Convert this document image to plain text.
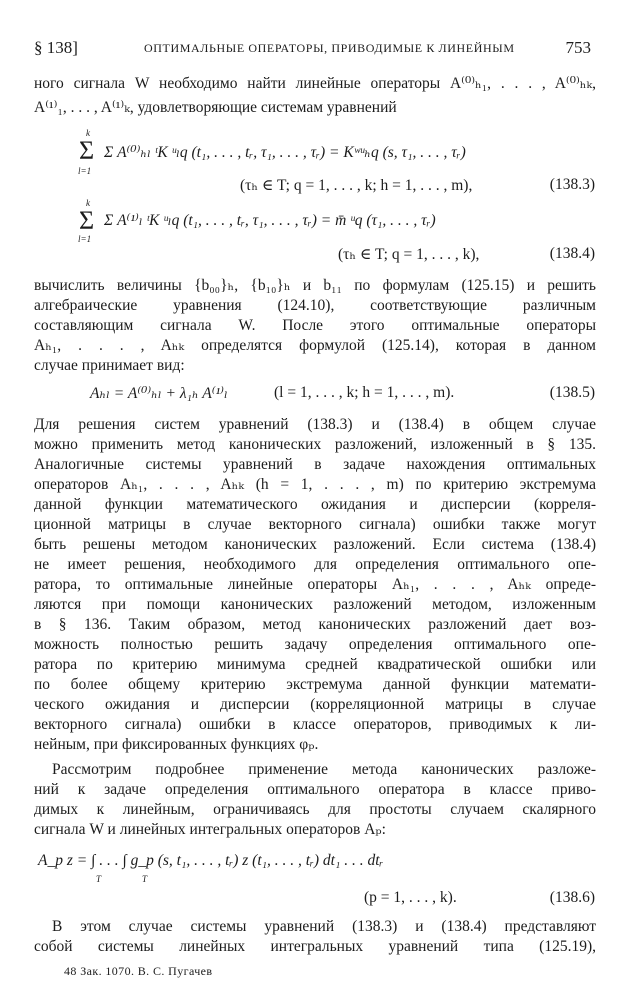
§ 138]	ОПТИМАЛЬНЫЕ ОПЕРАТОРЫ, ПРИВОДИМЫЕ К ЛИНЕЙНЫМ	753
ного сигнала W необходимо найти линейные операторы A⁽⁰⁾ₕ₁, . . . , A⁽⁰⁾ₕₖ,
A⁽¹⁾₁, . . . , A⁽¹⁾ₖ, удовлетворяющие системам уравнений
k
Σ
l=1
Σ A⁽⁰⁾ₕₗ ᵗK ᵘₗq (t₁, . . . , tᵣ, τ₁, . . . , τᵣ) = Kʷᵘₕq (s, τ₁, . . . , τᵣ)
(τₕ ∈ T; q = 1, . . . , k; h = 1, . . . , m),	(138.3)
k
Σ
l=1
Σ A⁽¹⁾ₗ ᵗK ᵘₗq (t₁, . . . , tᵣ, τ₁, . . . , τᵣ) = m̄ ᵘq (τ₁, . . . , τᵣ)
(τₕ ∈ T; q = 1, . . . , k),	(138.4)
вычислить величины {b₀₀}ₕ, {b₁₀}ₕ и b₁₁ по формулам (125.15) и решить
алгебраические уравнения (124.10), соответствующие различным
составляющим сигнала W. После этого оптимальные операторы
Aₕ₁, . . . , Aₕₖ определятся формулой (125.14), которая в данном
случае принимает вид:
Aₕₗ = A⁽⁰⁾ₕₗ + λ₁ₕ A⁽¹⁾ₗ	(l = 1, . . . , k; h = 1, . . . , m).	(138.5)
Для решения систем уравнений (138.3) и (138.4) в общем случае
можно применить метод канонических разложений, изложенный в § 135.
Аналогичные системы уравнений в задаче нахождения оптимальных
операторов Aₕ₁, . . . , Aₕₖ (h = 1, . . . , m) по критерию экстремума
данной функции математического ожидания и дисперсии (корреля-
ционной матрицы в случае векторного сигнала) ошибки также могут
быть решены методом канонических разложений. Если система (138.4)
не имеет решения, необходимого для определения оптимального опе-
ратора, то оптимальные линейные операторы Aₕ₁, . . . , Aₕₖ опреде-
ляются при помощи канонических разложений методом, изложенным
в § 136. Таким образом, метод канонических разложений дает воз-
можность полностью решить задачу определения оптимального опе-
ратора по критерию минимума средней квадратической ошибки или
по более общему критерию экстремума данной функции математи-
ческого ожидания и дисперсии (корреляционной матрицы в случае
векторного сигнала) ошибки в классе операторов, приводимых к ли-
нейным, при фиксированных функциях φₚ.
Рассмотрим подробнее применение метода канонических разложе-
ний к задаче определения оптимального оператора в классе приво-
димых к линейным, ограничиваясь для простоты случаем скалярного
сигнала W и линейных интегральных операторов Aₚ:
A_p z = ∫ . . . ∫ g_p (s, t₁, . . . , tᵣ) z (t₁, . . . , tᵣ) dt₁ . . . dtᵣ
T	T
(p = 1, . . . , k).	(138.6)
В этом случае системы уравнений (138.3) и (138.4) представляют
собой системы линейных интегральных уравнений типа (125.19),
48 Зак. 1070. В. С. Пугачев
